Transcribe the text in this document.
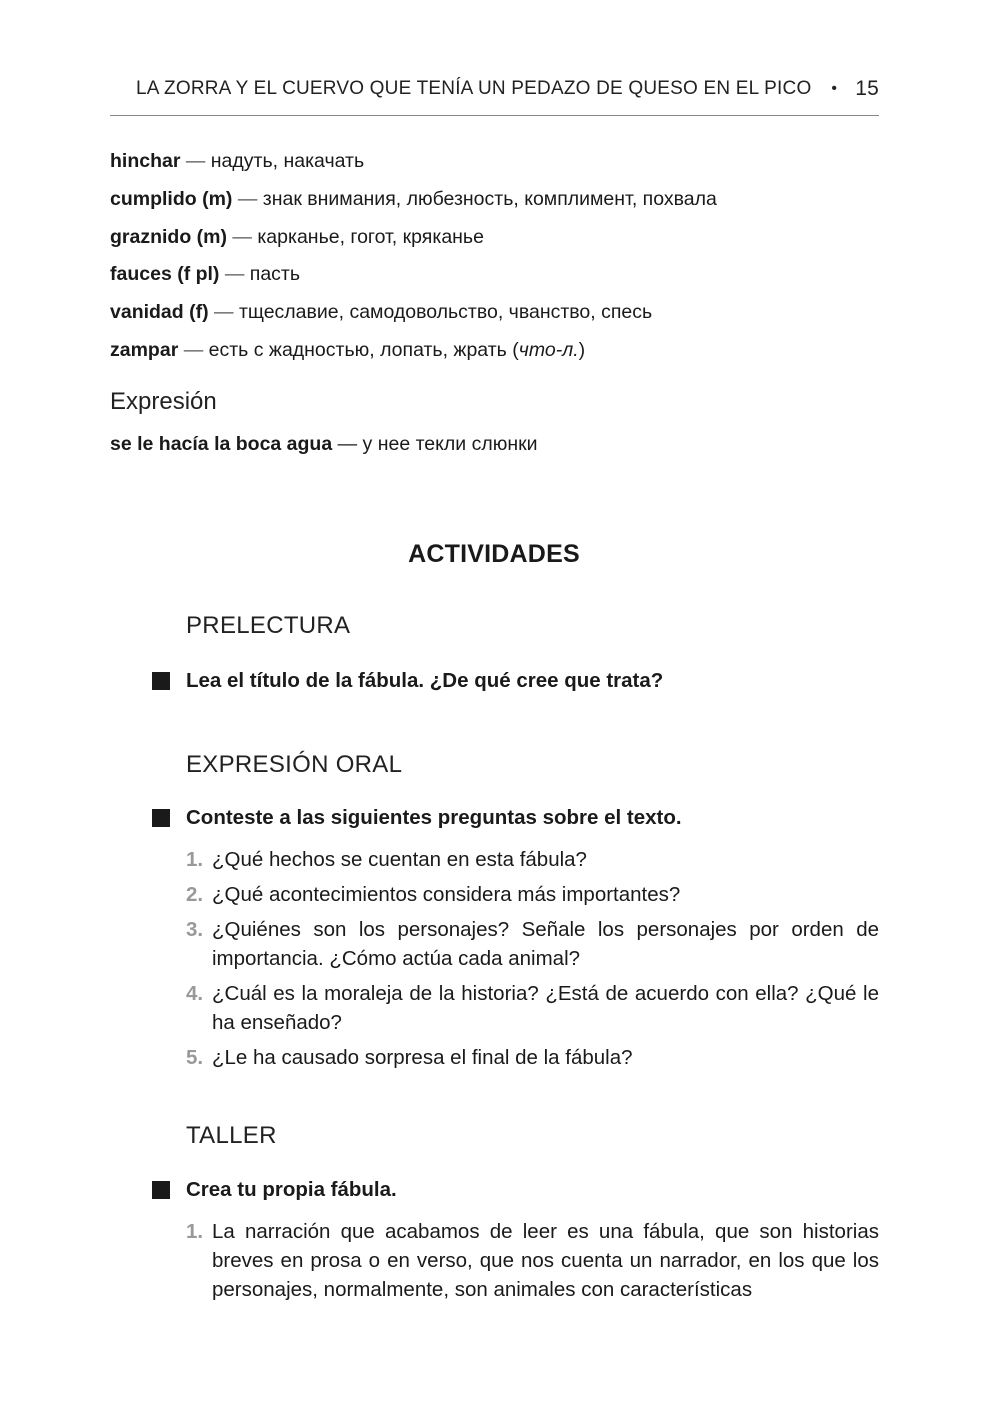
LA ZORRA Y EL CUERVO QUE TENÍA UN PEDAZO DE QUESO EN EL PICO • 15
hinchar — надуть, накачать
cumplido (m) — знак внимания, любезность, комплимент, похвала
graznido (m) — карканье, гогот, кряканье
fauces (f pl) — пасть
vanidad (f) — тщеславие, самодовольство, чванство, спесь
zampar — есть с жадностью, лопать, жрать (что-л.)
Expresión
se le hacía la boca agua — у нее текли слюнки
ACTIVIDADES
PRELECTURA
Lea el título de la fábula. ¿De qué cree que trata?
EXPRESIÓN ORAL
Conteste a las siguientes preguntas sobre el texto.
1. ¿Qué hechos se cuentan en esta fábula?
2. ¿Qué acontecimientos considera más importantes?
3. ¿Quiénes son los personajes? Señale los personajes por orden de importancia. ¿Cómo actúa cada animal?
4. ¿Cuál es la moraleja de la historia? ¿Está de acuerdo con ella? ¿Qué le ha enseñado?
5. ¿Le ha causado sorpresa el final de la fábula?
TALLER
Crea tu propia fábula.
1. La narración que acabamos de leer es una fábula, que son historias breves en prosa o en verso, que nos cuenta un narrador, en los que los personajes, normalmente, son animales con características
